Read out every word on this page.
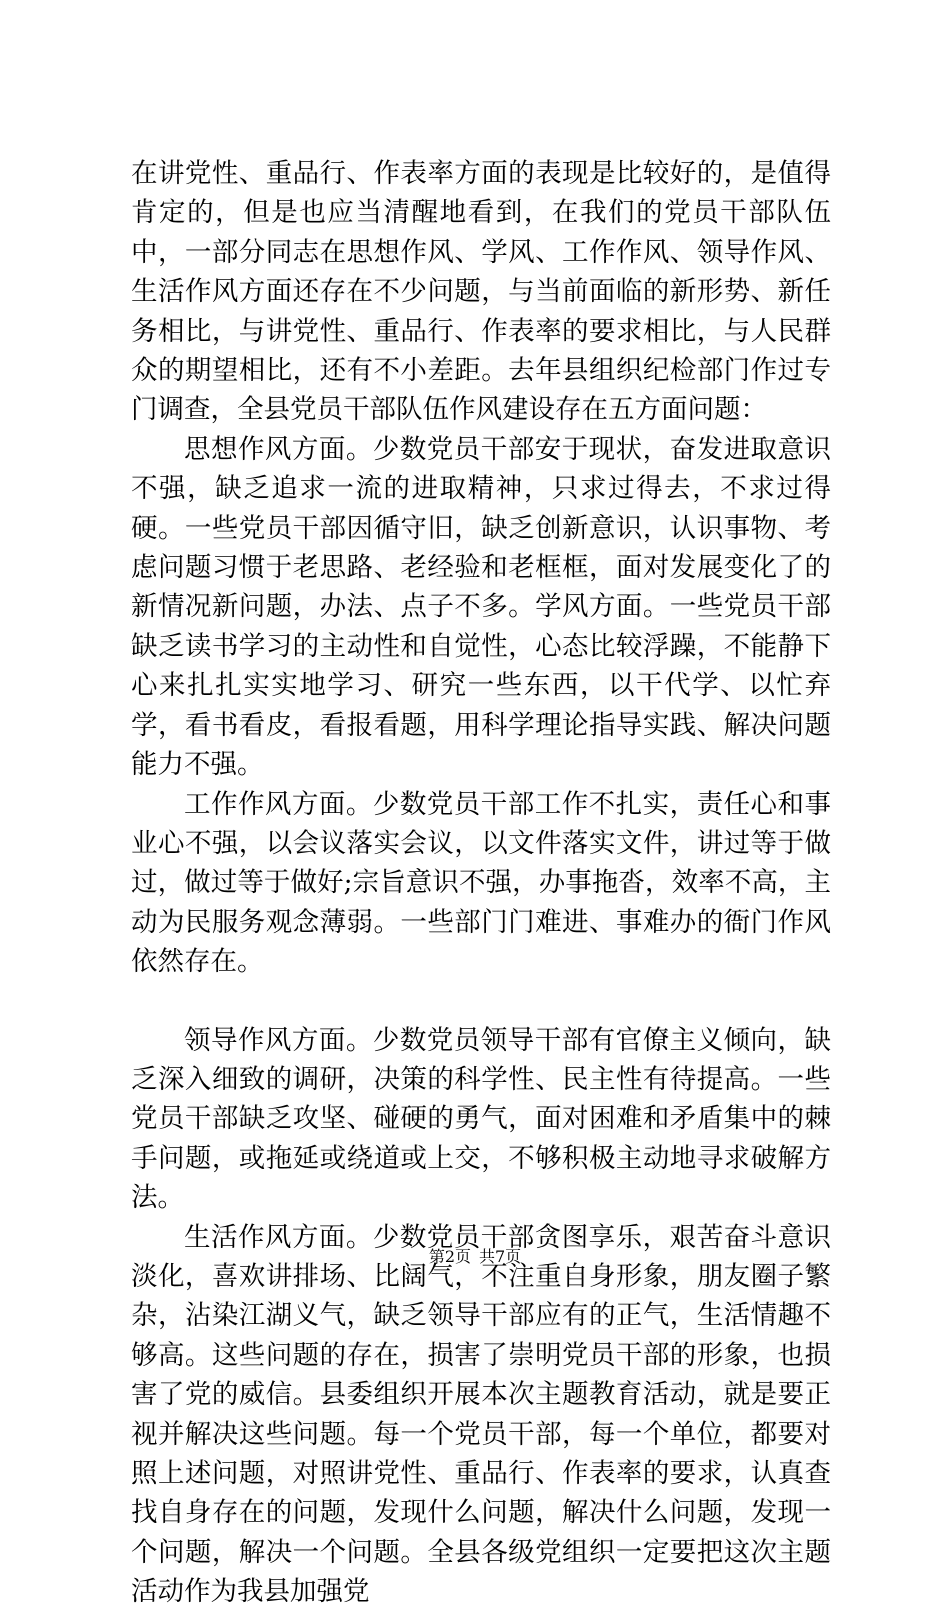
在讲党性、重品行、作表率方面的表现是比较好的，是值得肯定的，但是也应当清醒地看到，在我们的党员干部队伍中，一部分同志在思想作风、学风、工作作风、领导作风、生活作风方面还存在不少问题，与当前面临的新形势、新任务相比，与讲党性、重品行、作表率的要求相比，与人民群众的期望相比，还有不小差距。去年县组织纪检部门作过专门调查，全县党员干部队伍作风建设存在五方面问题：

思想作风方面。少数党员干部安于现状，奋发进取意识不强，缺乏追求一流的进取精神，只求过得去，不求过得硬。一些党员干部因循守旧，缺乏创新意识，认识事物、考虑问题习惯于老思路、老经验和老框框，面对发展变化了的新情况新问题，办法、点子不多。学风方面。一些党员干部缺乏读书学习的主动性和自觉性，心态比较浮躁，不能静下心来扎扎实实地学习、研究一些东西，以干代学、以忙弃学，看书看皮，看报看题，用科学理论指导实践、解决问题能力不强。

工作作风方面。少数党员干部工作不扎实，责任心和事业心不强，以会议落实会议，以文件落实文件，讲过等于做过，做过等于做好;宗旨意识不强，办事拖沓，效率不高，主动为民服务观念薄弱。一些部门门难进、事难办的衙门作风依然存在。

领导作风方面。少数党员领导干部有官僚主义倾向，缺乏深入细致的调研，决策的科学性、民主性有待提高。一些党员干部缺乏攻坚、碰硬的勇气，面对困难和矛盾集中的棘手问题，或拖延或绕道或上交，不够积极主动地寻求破解方法。

生活作风方面。少数党员干部贪图享乐，艰苦奋斗意识淡化，喜欢讲排场、比阔气，不注重自身形象，朋友圈子繁杂，沾染江湖义气，缺乏领导干部应有的正气，生活情趣不够高。这些问题的存在，损害了崇明党员干部的形象，也损害了党的威信。县委组织开展本次主题教育活动，就是要正视并解决这些问题。每一个党员干部，每一个单位，都要对照上述问题，对照讲党性、重品行、作表率的要求，认真查找自身存在的问题，发现什么问题，解决什么问题，发现一个问题，解决一个问题。全县各级党组织一定要把这次主题活动作为我县加强党

第2页 共7页
